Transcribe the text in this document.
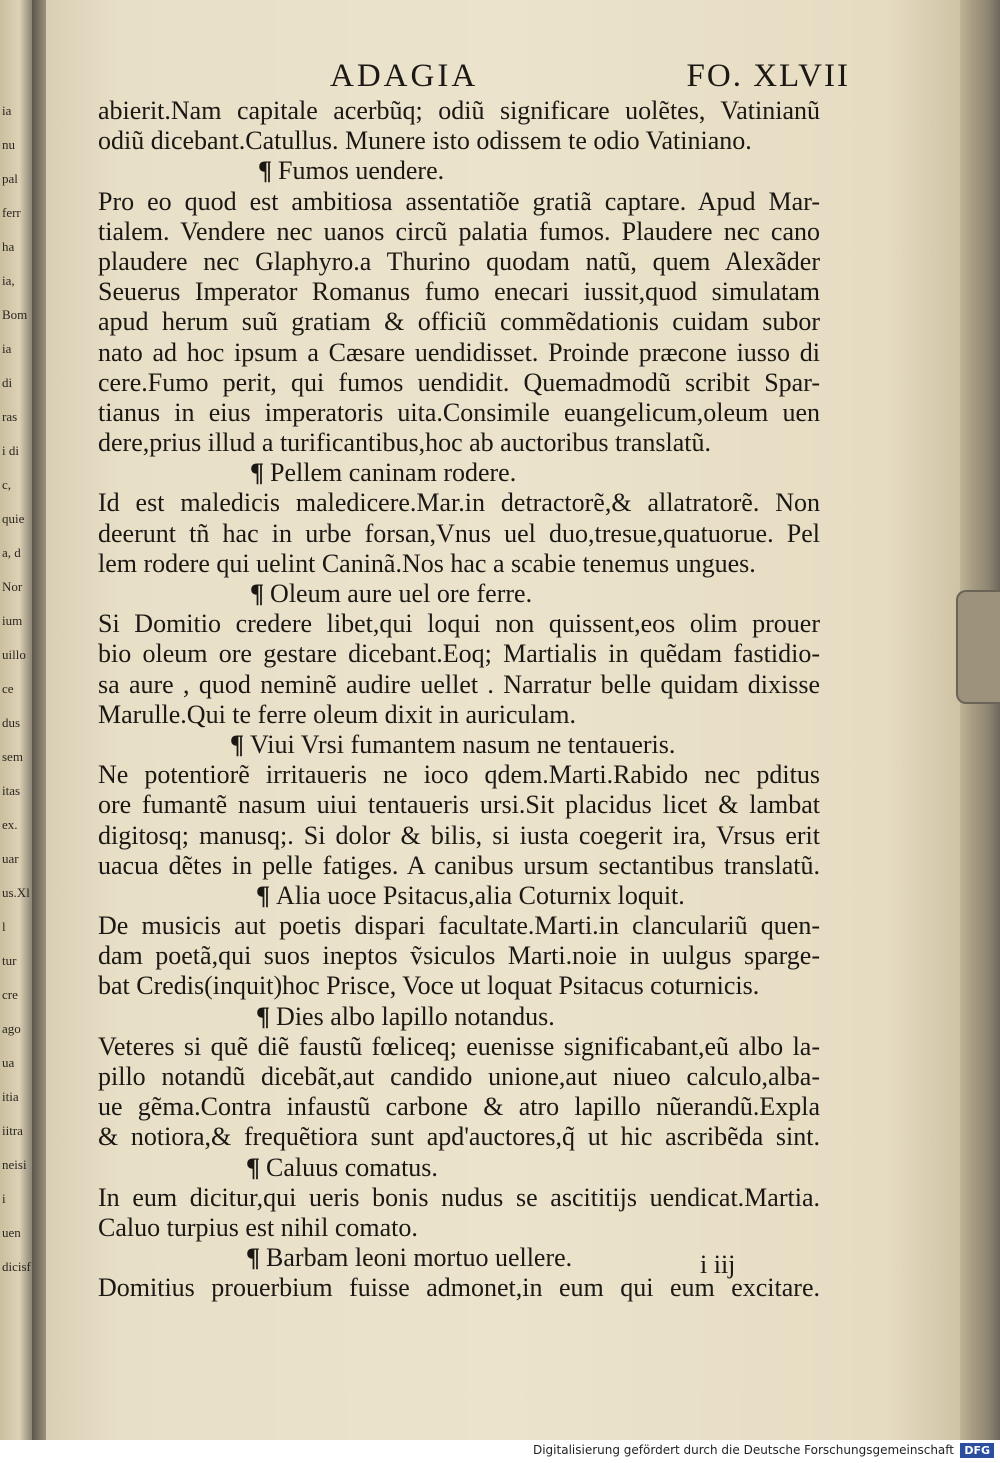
ia
nu
pal
ferr
ha
ia,
Bom
ia
di
ras
i di
c,
quie
a, d
Nor
ium
uillo
ce
dus
sem
itas
ex.
uar
us.Xl
l
tur
cre
ago
ua
itia
iitra
neisi
i
uen
dicisf
ADAGIA	FO. XLVII
abierit.Nam capitale acerbũq; odiũ significare uolẽtes, Vatinianũ
odiũ dicebant.Catullus. Munere isto odissem te odio Vatiniano.
¶ Fumos uendere.
Pro eo quod est ambitiosa assentatiõe gratiã captare. Apud Mar-
tialem. Vendere nec uanos circũ palatia fumos. Plaudere nec cano
plaudere nec Glaphyro.a Thurino quodam natũ, quem Alexãder
Seuerus Imperator Romanus fumo enecari iussit,quod simulatam
apud herum suũ gratiam & officiũ commẽdationis cuidam subor
nato ad hoc ipsum a Cæsare uendidisset. Proinde præcone iusso di
cere.Fumo perit, qui fumos uendidit. Quemadmodũ scribit Spar-
tianus in eius imperatoris uita.Consimile euangelicum,oleum uen
dere,prius illud a turificantibus,hoc ab auctoribus translatũ.
¶ Pellem caninam rodere.
Id est maledicis maledicere.Mar.in detractorẽ,& allatratorẽ. Non
deerunt tñ hac in urbe forsan,Vnus uel duo,tresue,quatuorue. Pel
lem rodere qui uelint Caninã.Nos hac a scabie tenemus ungues.
¶ Oleum aure uel ore ferre.
Si Domitio credere libet,qui loqui non quissent,eos olim prouer
bio oleum ore gestare dicebant.Eoq; Martialis in quẽdam fastidio-
sa aure , quod neminẽ audire uellet . Narratur belle quidam dixisse
Marulle.Qui te ferre oleum dixit in auriculam.
¶ Viui Vrsi fumantem nasum ne tentaueris.
Ne potentiorẽ irritaueris ne ioco qdem.Marti.Rabido nec pditus
ore fumantẽ nasum uiui tentaueris ursi.Sit placidus licet & lambat
digitosq; manusq;. Si dolor & bilis, si iusta coegerit ira, Vrsus erit
uacua dẽtes in pelle fatiges. A canibus ursum sectantibus translatũ.
¶ Alia uoce Psitacus,alia Coturnix loquit.
De musicis aut poetis dispari facultate.Marti.in clanculariũ quen-
dam poetã,qui suos ineptos ṽsiculos Marti.noie in uulgus sparge-
bat Credis(inquit)hoc Prisce, Voce ut loquat Psitacus coturnicis.
¶ Dies albo lapillo notandus.
Veteres si quẽ diẽ faustũ fœliceq; euenisse significabant,eũ albo la-
pillo notandũ dicebãt,aut candido unione,aut niueo calculo,alba-
ue gẽma.Contra infaustũ carbone & atro lapillo nũerandũ.Expla
& notiora,& frequẽtiora sunt apd'auctores,q̃ ut hic ascribẽda sint.
¶ Caluus comatus.
In eum dicitur,qui ueris bonis nudus se ascititijs uendicat.Martia.
Caluo turpius est nihil comato.
¶ Barbam leoni mortuo uellere.
Domitius prouerbium fuisse admonet,in eum qui eum excitare.
i iij
Digitalisierung gefördert durch die Deutsche Forschungsgemeinschaft DFG
